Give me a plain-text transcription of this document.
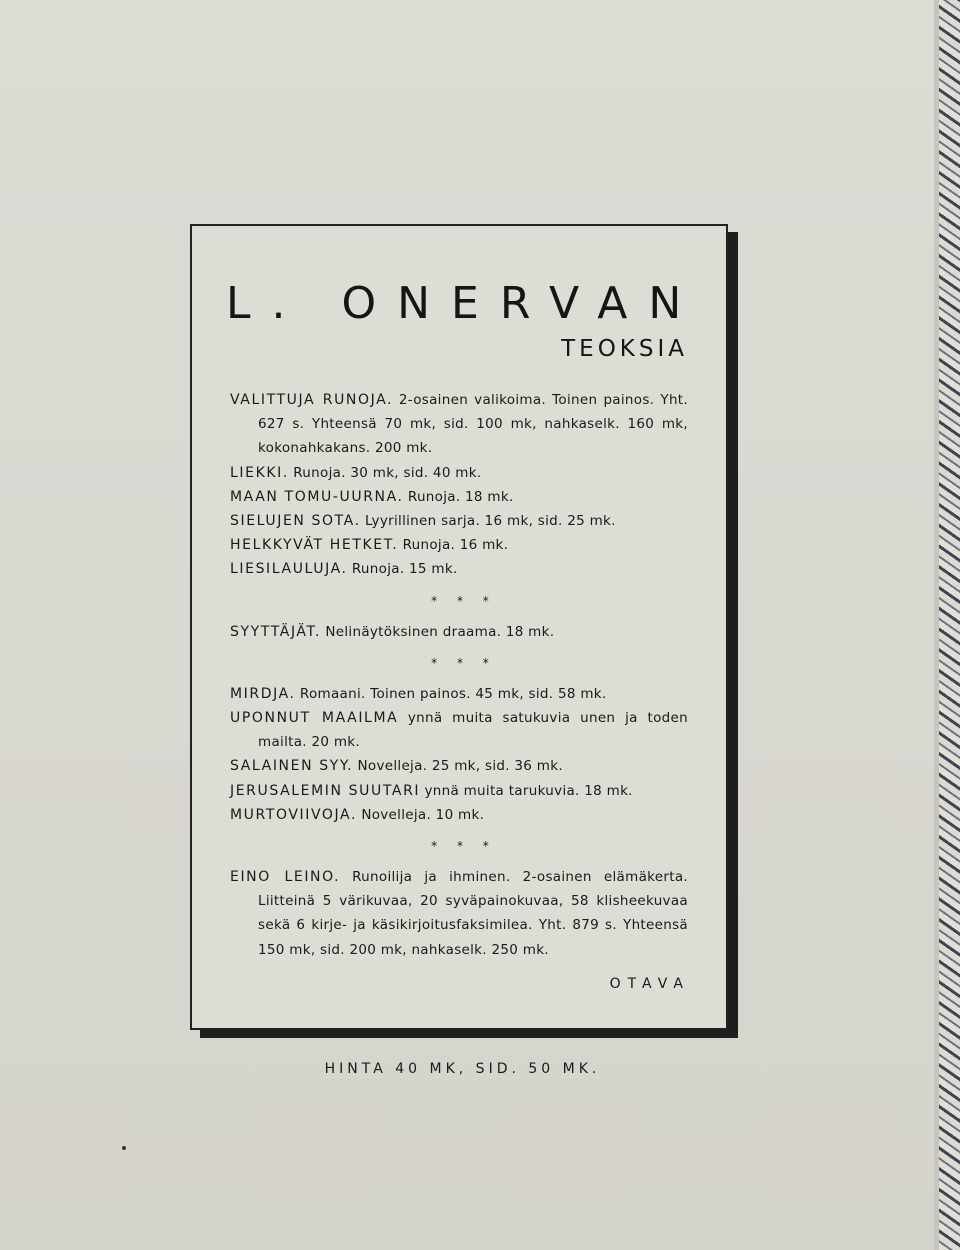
L. ONERVAN
TEOKSIA
VALITTUJA RUNOJA. 2-osainen valikoima. Toinen painos. Yht. 627 s. Yhteensä 70 mk, sid. 100 mk, nahkaselk. 160 mk, kokonahkakans. 200 mk.
LIEKKI. Runoja. 30 mk, sid. 40 mk.
MAAN TOMU-UURNA. Runoja. 18 mk.
SIELUJEN SOTA. Lyyrillinen sarja. 16 mk, sid. 25 mk.
HELKKYVÄT HETKET. Runoja. 16 mk.
LIESILAULUJA. Runoja. 15 mk.
* * *
SYYTTÄJÄT. Nelinäytöksinen draama. 18 mk.
* * *
MIRDJA. Romaani. Toinen painos. 45 mk, sid. 58 mk.
UPONNUT MAAILMA ynnä muita satukuvia unen ja toden mailta. 20 mk.
SALAINEN SYY. Novelleja. 25 mk, sid. 36 mk.
JERUSALEMIN SUUTARI ynnä muita tarukuvia. 18 mk.
MURTOVIIVOJA. Novelleja. 10 mk.
* * *
EINO LEINO. Runoilija ja ihminen. 2-osainen elämäkerta. Liitteinä 5 värikuvaa, 20 syväpainokuvaa, 58 klisheekuvaa sekä 6 kirje- ja käsikirjoitusfaksimilea. Yht. 879 s. Yhteensä 150 mk, sid. 200 mk, nahkaselk. 250 mk.
OTAVA
HINTA 40 MK, SID. 50 MK.
